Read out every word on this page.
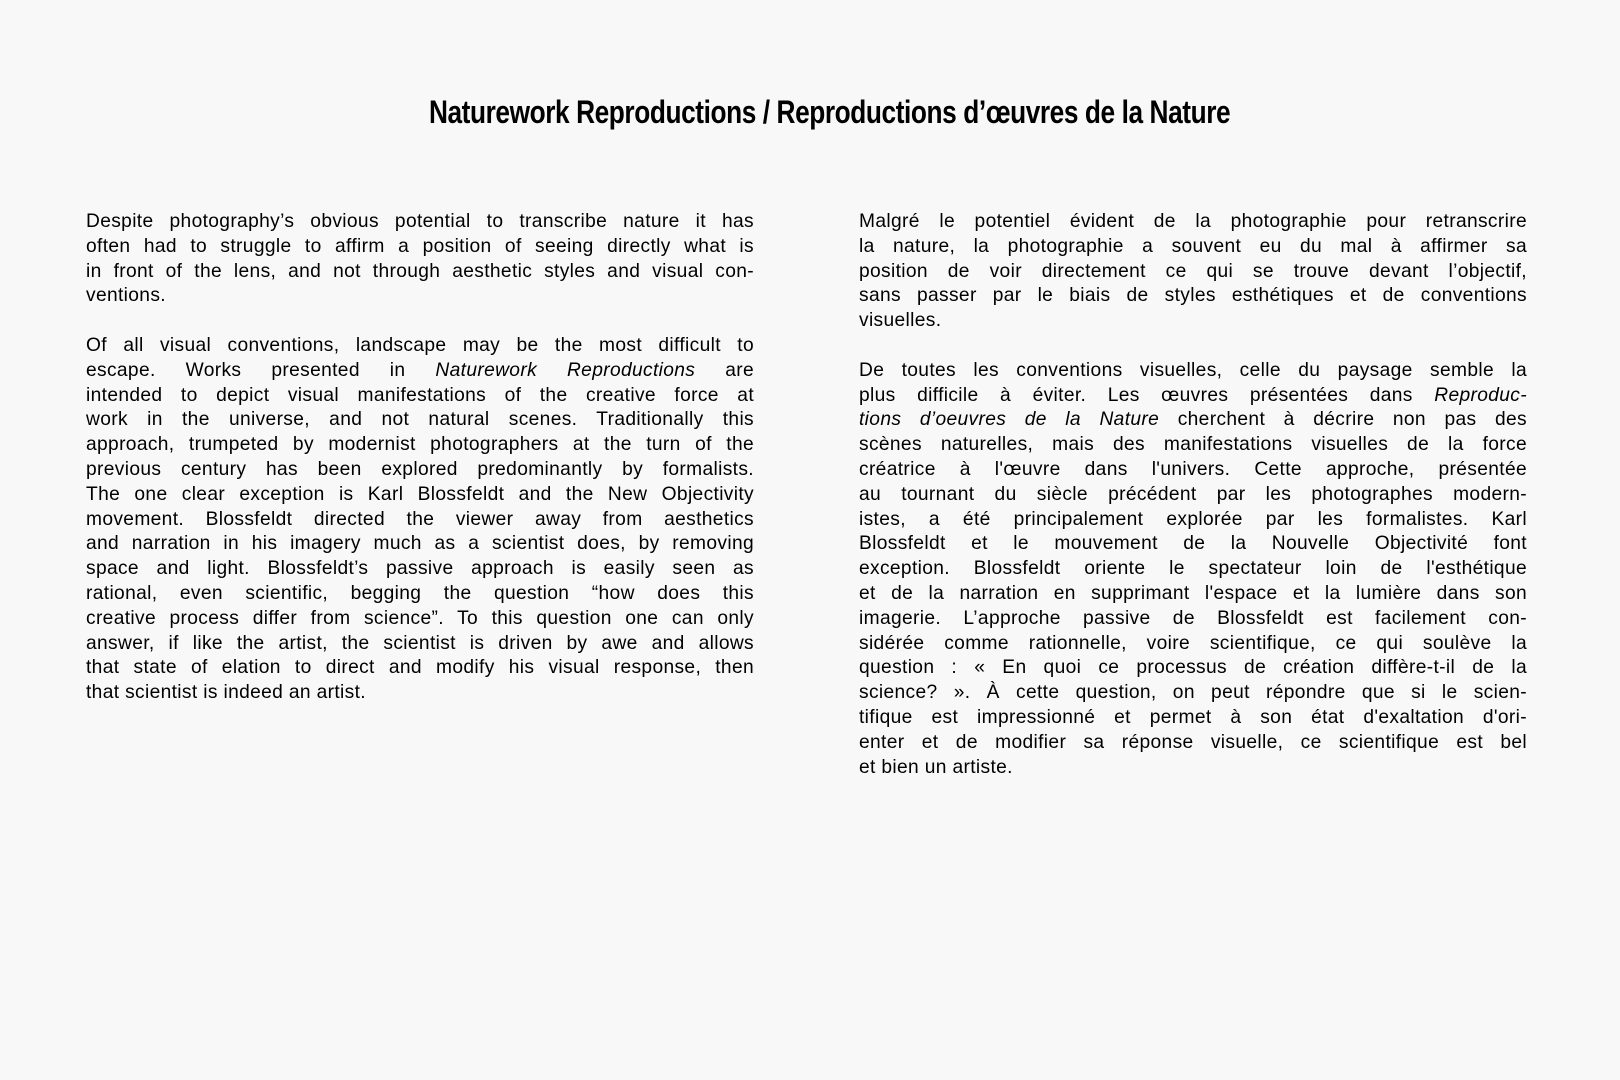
Naturework Reproductions / Reproductions d’œuvres de la Nature
Despite photography’s obvious potential to transcribe nature it has
often had to struggle to affirm a position of seeing directly what is
in front of the lens, and not through aesthetic styles and visual con-
ventions.
Of all visual conventions, landscape may be the most difficult to
escape. Works presented in Naturework Reproductions are
intended to depict visual manifestations of the creative force at
work in the universe, and not natural scenes. Traditionally this
approach, trumpeted by modernist photographers at the turn of the
previous century has been explored predominantly by formalists.
The one clear exception is Karl Blossfeldt and the New Objectivity
movement. Blossfeldt directed the viewer away from aesthetics
and narration in his imagery much as a scientist does, by removing
space and light. Blossfeldt’s passive approach is easily seen as
rational, even scientific, begging the question “how does this
creative process differ from science”. To this question one can only
answer, if like the artist, the scientist is driven by awe and allows
that state of elation to direct and modify his visual response, then
that scientist is indeed an artist.
Malgré le potentiel évident de la photographie pour retranscrire
la nature, la photographie a souvent eu du mal à affirmer sa
position de voir directement ce qui se trouve devant l’objectif,
sans passer par le biais de styles esthétiques et de conventions
visuelles.
De toutes les conventions visuelles, celle du paysage semble la
plus difficile à éviter. Les œuvres présentées dans Reproduc-
tions d’oeuvres de la Nature cherchent à décrire non pas des
scènes naturelles, mais des manifestations visuelles de la force
créatrice à l'œuvre dans l'univers. Cette approche, présentée
au tournant du siècle précédent par les photographes modern-
istes, a été principalement explorée par les formalistes. Karl
Blossfeldt et le mouvement de la Nouvelle Objectivité font
exception. Blossfeldt oriente le spectateur loin de l'esthétique
et de la narration en supprimant l'espace et la lumière dans son
imagerie. L’approche passive de Blossfeldt est facilement con-
sidérée comme rationnelle, voire scientifique, ce qui soulève la
question : « En quoi ce processus de création diffère-t-il de la
science? ». À cette question, on peut répondre que si le scien-
tifique est impressionné et permet à son état d'exaltation d'ori-
enter et de modifier sa réponse visuelle, ce scientifique est bel
et bien un artiste.
